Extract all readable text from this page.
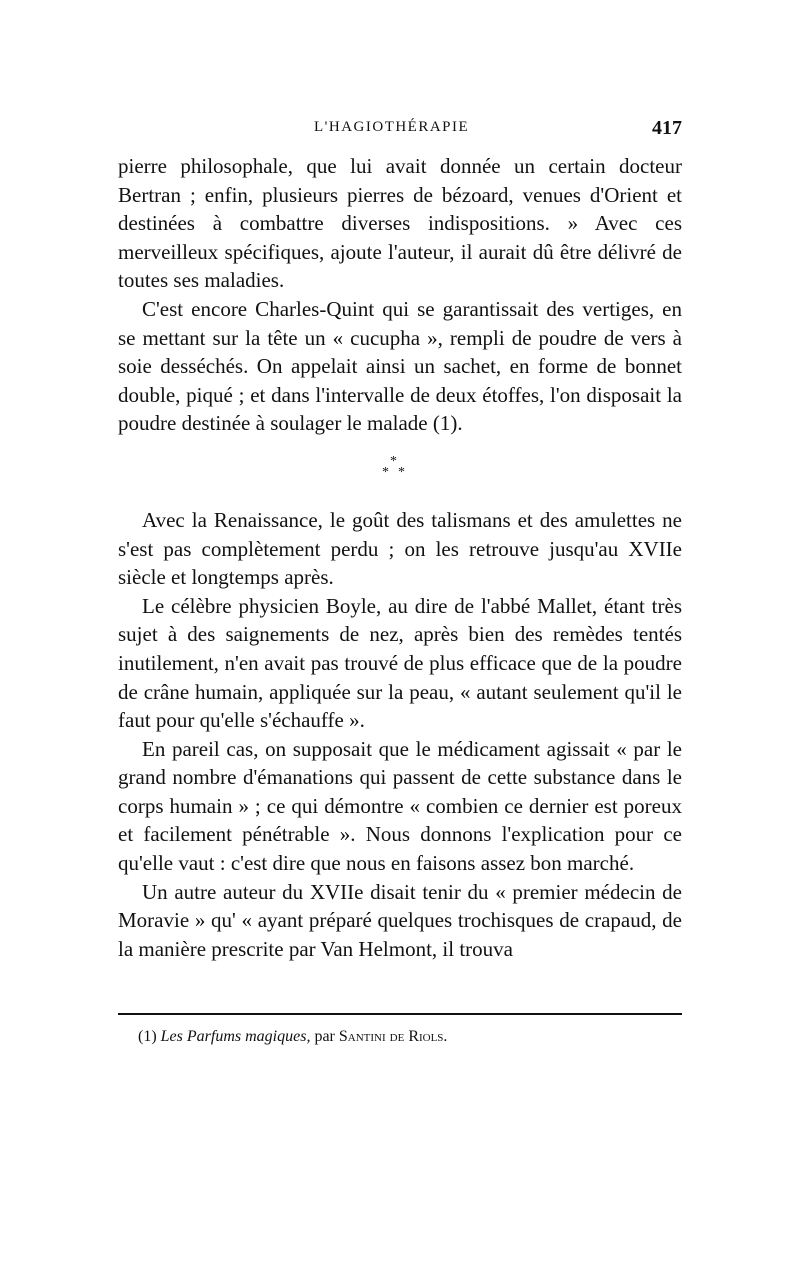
L'HAGIOTHÉRAPIE	417

pierre philosophale, que lui avait donnée un certain docteur Bertran ; enfin, plusieurs pierres de bézoard, venues d'Orient et destinées à combattre diverses indispositions. » Avec ces merveilleux spécifiques, ajoute l'auteur, il aurait dû être délivré de toutes ses maladies.

C'est encore Charles-Quint qui se garantissait des vertiges, en se mettant sur la tête un « cucupha », rempli de poudre de vers à soie desséchés. On appelait ainsi un sachet, en forme de bonnet double, piqué ; et dans l'intervalle de deux étoffes, l'on disposait la poudre destinée à soulager le malade (1).

*
* *

Avec la Renaissance, le goût des talismans et des amulettes ne s'est pas complètement perdu ; on les retrouve jusqu'au XVIIe siècle et longtemps après.

Le célèbre physicien Boyle, au dire de l'abbé Mallet, étant très sujet à des saignements de nez, après bien des remèdes tentés inutilement, n'en avait pas trouvé de plus efficace que de la poudre de crâne humain, appliquée sur la peau, « autant seulement qu'il le faut pour qu'elle s'échauffe ».

En pareil cas, on supposait que le médicament agissait « par le grand nombre d'émanations qui passent de cette substance dans le corps humain » ; ce qui démontre « combien ce dernier est poreux et facilement pénétrable ». Nous donnons l'explication pour ce qu'elle vaut : c'est dire que nous en faisons assez bon marché.

Un autre auteur du XVIIe disait tenir du « premier médecin de Moravie » qu' « ayant préparé quelques trochisques de crapaud, de la manière prescrite par Van Helmont, il trouva

(1) Les Parfums magiques, par Santini de Riols.
